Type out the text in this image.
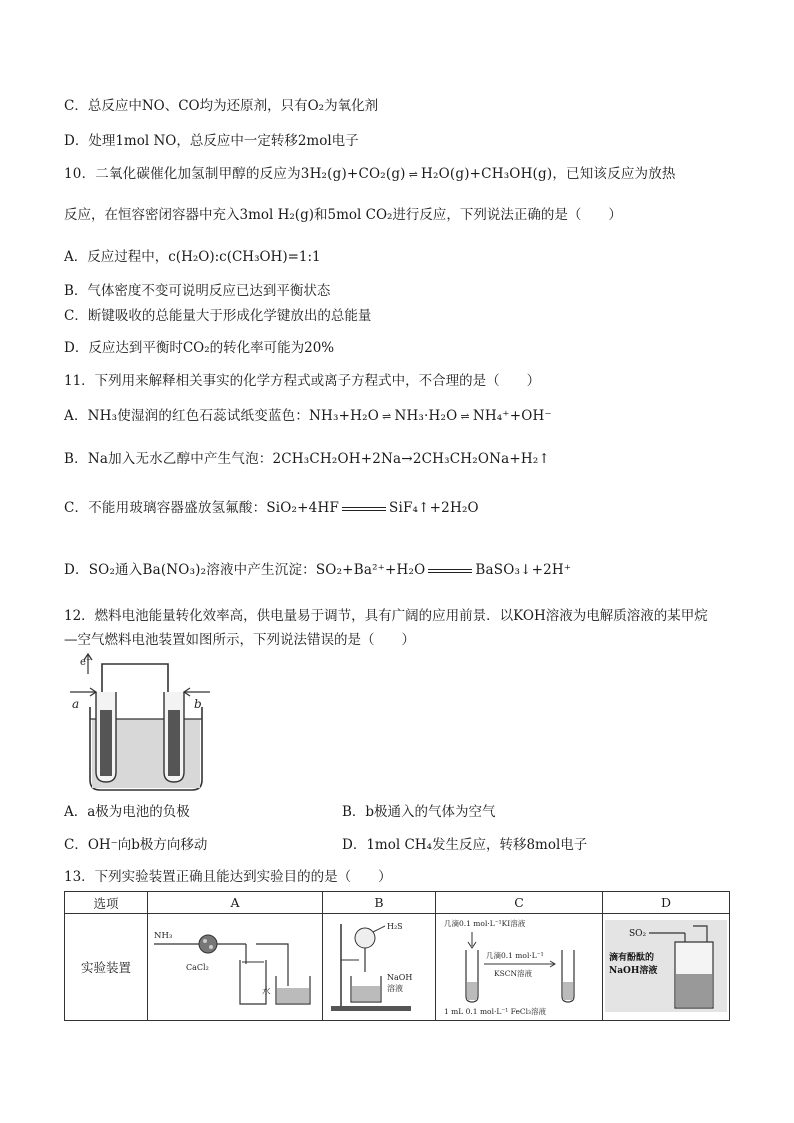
C．总反应中NO、CO均为还原剂，只有O₂为氧化剂
D．处理1mol NO，总反应中一定转移2mol电子
10．二氧化碳催化加氢制甲醇的反应为3H₂(g)+CO₂(g) ⇌ H₂O(g)+CH₃OH(g)，已知该反应为放热
反应，在恒容密闭容器中充入3mol H₂(g)和5mol CO₂进行反应，下列说法正确的是（　　）
A．反应过程中，c(H₂O):c(CH₃OH)=1:1
B．气体密度不变可说明反应已达到平衡状态
C．断键吸收的总能量大于形成化学键放出的总能量
D．反应达到平衡时CO₂的转化率可能为20%
11．下列用来解释相关事实的化学方程式或离子方程式中，不合理的是（　　）
A．NH₃使湿润的红色石蕊试纸变蓝色：NH₃+H₂O ⇌ NH₃·H₂O ⇌ NH₄⁺+OH⁻
B．Na加入无水乙醇中产生气泡：2CH₃CH₂OH+2Na→2CH₃CH₂ONa+H₂↑
C．不能用玻璃容器盛放氢氟酸：SiO₂+4HF	SiF₄↑+2H₂O
D．SO₂通入Ba(NO₃)₂溶液中产生沉淀：SO₂+Ba²⁺+H₂O	BaSO₃↓+2H⁺
12．燃料电池能量转化效率高，供电量易于调节，具有广阔的应用前景．以KOH溶液为电解质溶液的某甲烷
—空气燃料电池装置如图所示，下列说法错误的是（　　）
e⁻
a	b
A．a极为电池的负极	B．b极通入的气体为空气
C．OH⁻向b极方向移动	D．1mol CH₄发生反应，转移8mol电子
13．下列实验装置正确且能达到实验目的的是（　　）
选项	A	B	C	D
实验装置	NH₃
CaCl₂
水	H₂S
NaOH
溶液	几滴0.1 mol·L⁻¹KI溶液
几滴0.1 mol·L⁻¹
KSCN溶液
1 mL 0.1 mol·L⁻¹ FeCl₃溶液	SO₂
滴有酚酞的
NaOH溶液
